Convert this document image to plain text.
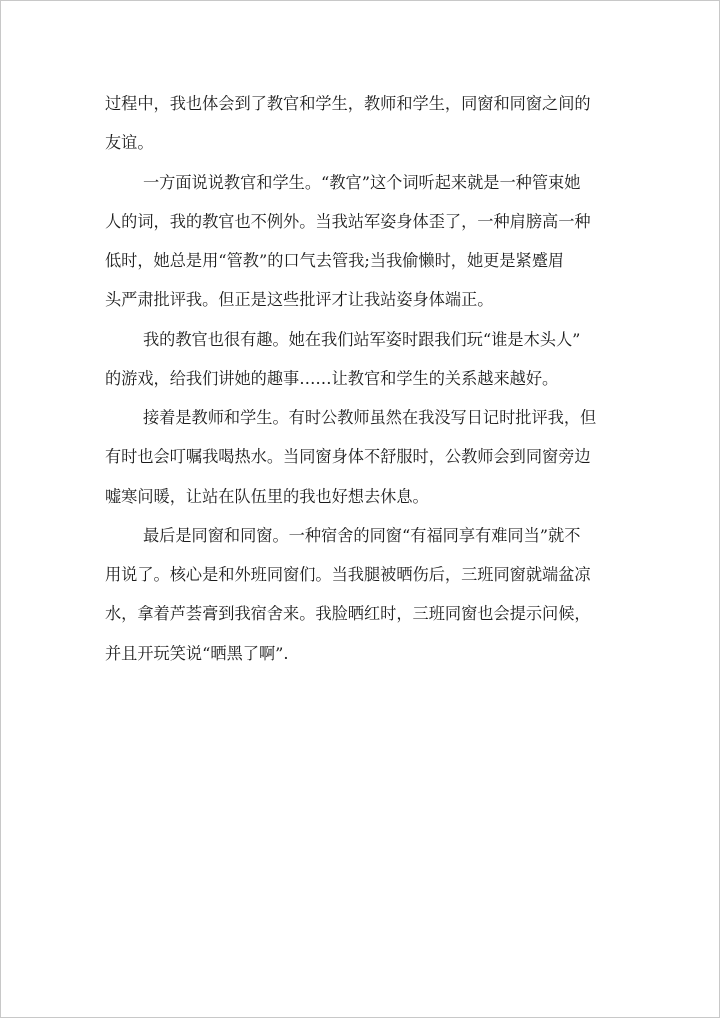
过程中，我也体会到了教官和学生，教师和学生，同窗和同窗之间的
友谊。
一方面说说教官和学生。“教官”这个词听起来就是一种管束她
人的词，我的教官也不例外。当我站军姿身体歪了，一种肩膀高一种
低时，她总是用“管教”的口气去管我;当我偷懒时，她更是紧蹙眉
头严肃批评我。但正是这些批评才让我站姿身体端正。
我的教官也很有趣。她在我们站军姿时跟我们玩“谁是木头人”
的游戏，给我们讲她的趣事……让教官和学生的关系越来越好。
接着是教师和学生。有时公教师虽然在我没写日记时批评我，但
有时也会叮嘱我喝热水。当同窗身体不舒服时，公教师会到同窗旁边
嘘寒问暖，让站在队伍里的我也好想去休息。
最后是同窗和同窗。一种宿舍的同窗“有福同享有难同当”就不
用说了。核心是和外班同窗们。当我腿被晒伤后，三班同窗就端盆凉
水，拿着芦荟膏到我宿舍来。我脸晒红时，三班同窗也会提示问候，
并且开玩笑说“晒黑了啊”.
